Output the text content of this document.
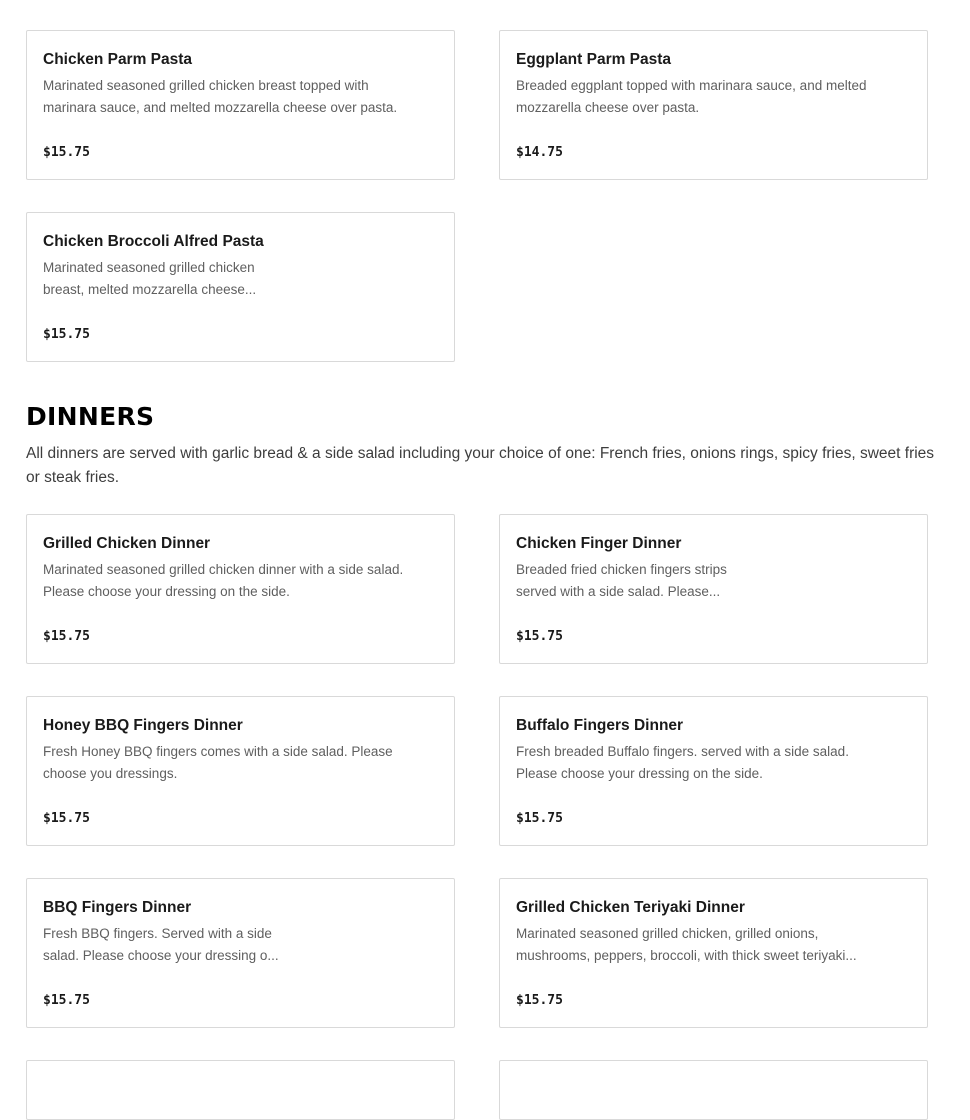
Chicken Parm Pasta
Marinated seasoned grilled chicken breast topped with marinara sauce, and melted mozzarella cheese over pasta.
$15.75
Eggplant Parm Pasta
Breaded eggplant topped with marinara sauce, and melted mozzarella cheese over pasta.
$14.75
Chicken Broccoli Alfred Pasta
Marinated seasoned grilled chicken breast, melted mozzarella cheese...
$15.75
DINNERS

All dinners are served with garlic bread & a side salad including your choice of one: French fries, onions rings, spicy fries, sweet fries or steak fries.

Grilled Chicken Dinner
Marinated seasoned grilled chicken dinner with a side salad. Please choose your dressing on the side.
$15.75
Chicken Finger Dinner
Breaded fried chicken fingers strips served with a side salad. Please...
$15.75
Honey BBQ Fingers Dinner
Fresh Honey BBQ fingers comes with a side salad. Please choose you dressings.
$15.75
Buffalo Fingers Dinner
Fresh breaded Buffalo fingers. served with a side salad. Please choose your dressing on the side.
$15.75
BBQ Fingers Dinner
Fresh BBQ fingers. Served with a side salad. Please choose your dressing o...
$15.75
Grilled Chicken Teriyaki Dinner
Marinated seasoned grilled chicken, grilled onions, mushrooms, peppers, broccoli, with thick sweet teriyaki...
$15.75
